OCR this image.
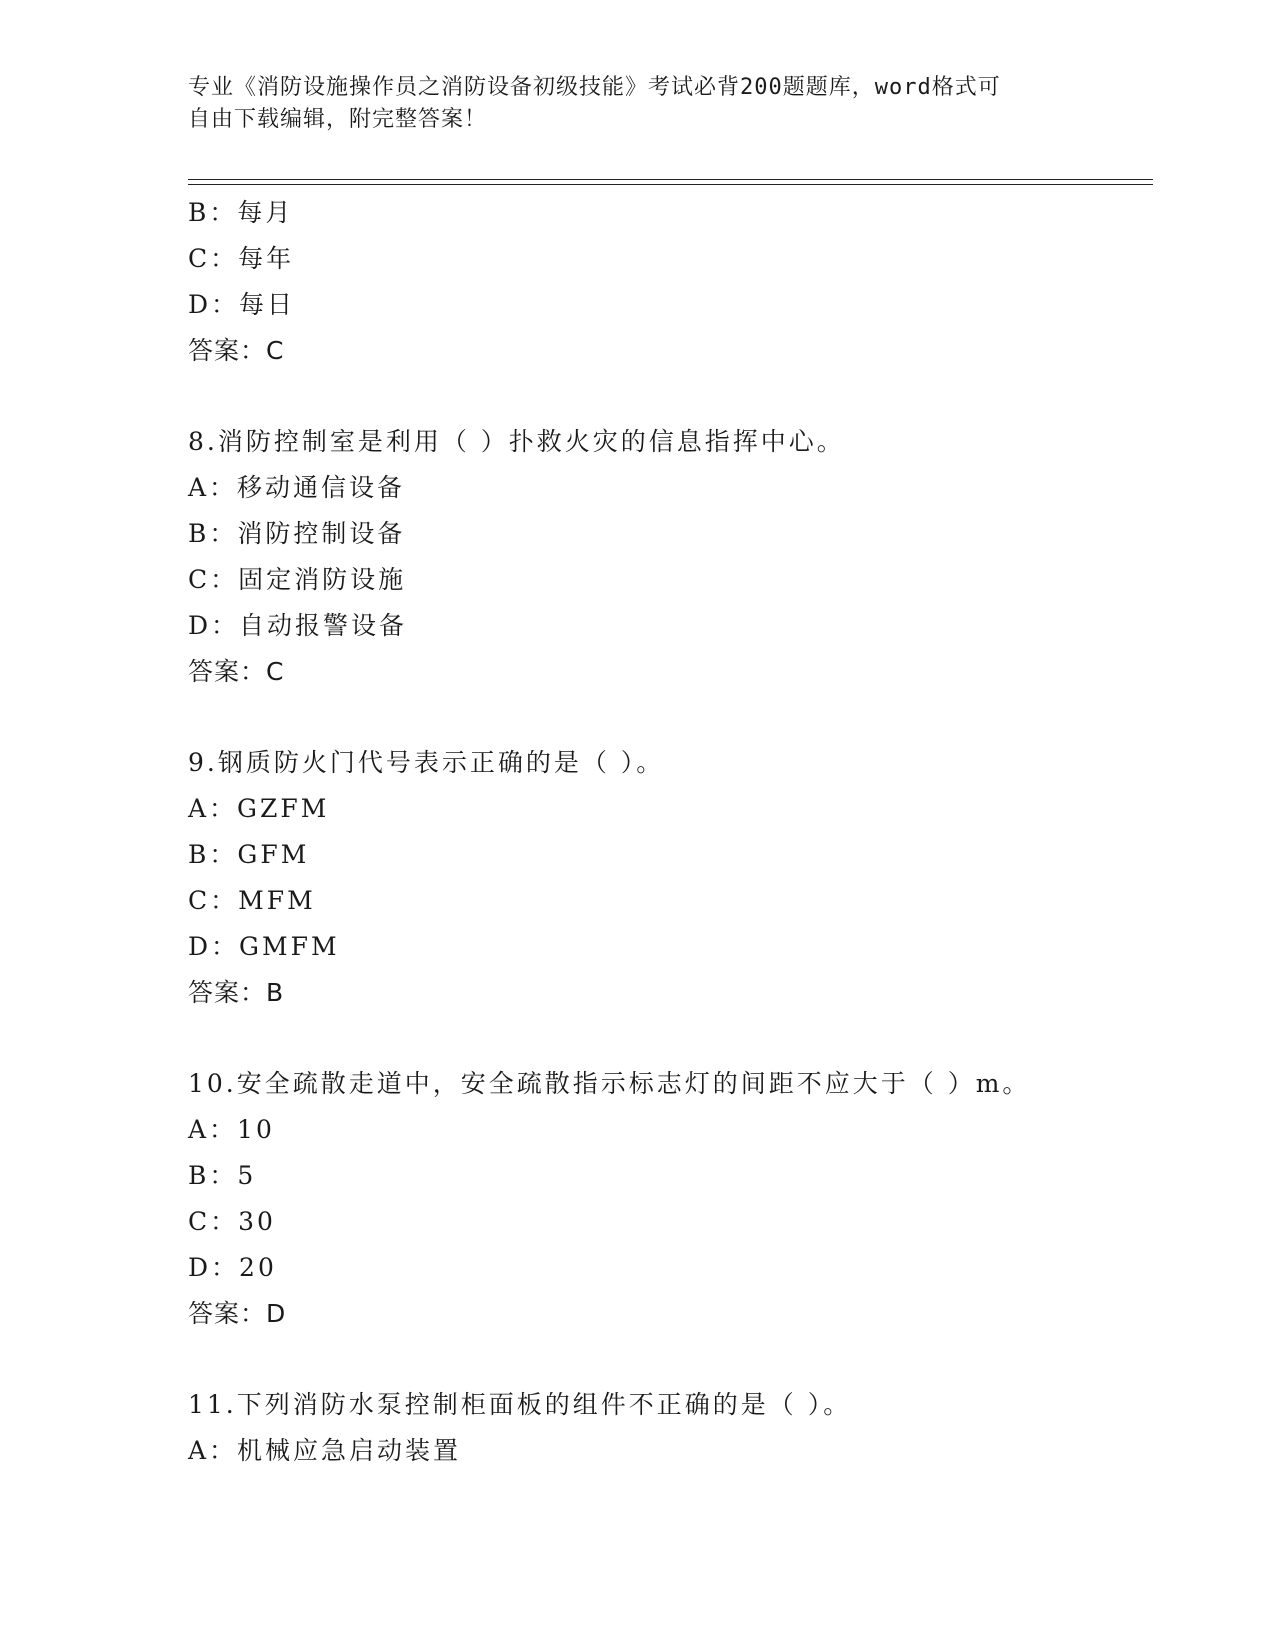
专业《消防设施操作员之消防设备初级技能》考试必背200题题库，word格式可
自由下载编辑，附完整答案！
B：每月
C：每年
D：每日
答案：C
8.消防控制室是利用（ ）扑救火灾的信息指挥中心。
A：移动通信设备
B：消防控制设备
C：固定消防设施
D：自动报警设备
答案：C
9.钢质防火门代号表示正确的是（ ）。
A：GZFM
B：GFM
C：MFM
D：GMFM
答案：B
10.安全疏散走道中，安全疏散指示标志灯的间距不应大于（ ）m。
A：10
B：5
C：30
D：20
答案：D
11.下列消防水泵控制柜面板的组件不正确的是（ ）。
A：机械应急启动装置
